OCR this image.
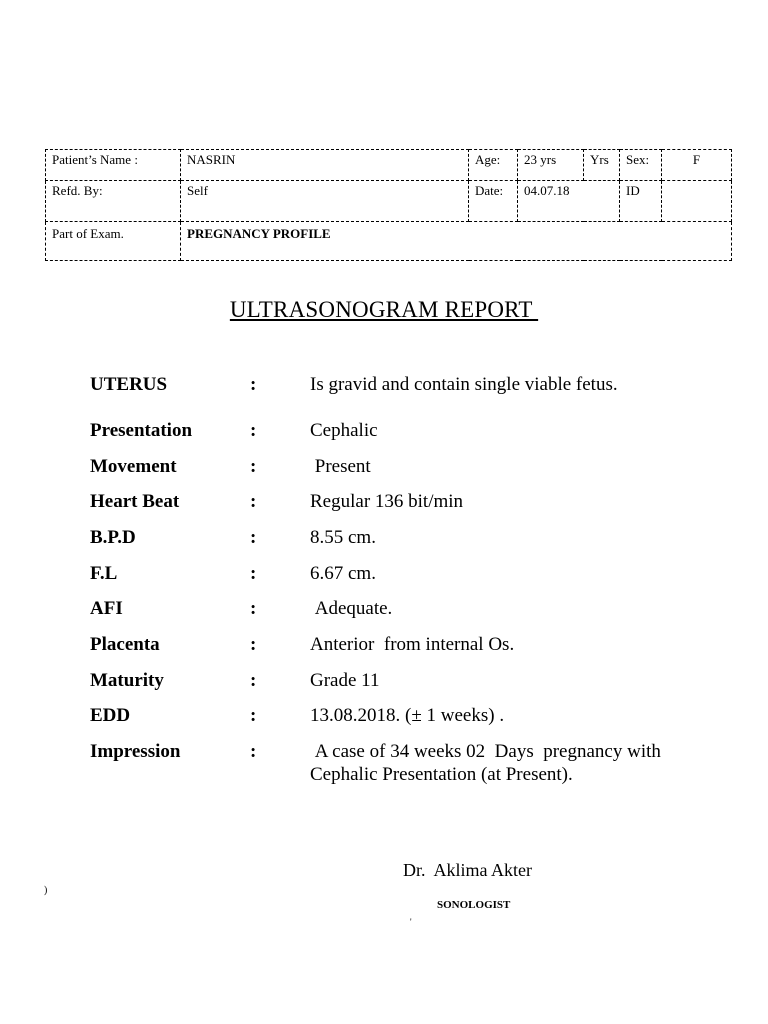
Patient’s Name :	NASRIN	Age:	23 yrs	Yrs	Sex:	F
Refd. By:	Self	Date:	04.07.18		ID	
Part of Exam.	PREGNANCY PROFILE					
ULTRASONOGRAM REPORT
UTERUS	:	Is gravid and contain single viable fetus.
Presentation	:	Cephalic
Movement	:	Present
Heart Beat	:	Regular 136 bit/min
B.P.D	:	8.55 cm.
F.L	:	6.67 cm.
AFI	:	Adequate.
Placenta	:	Anterior  from internal Os.
Maturity	:	Grade 11
EDD	:	13.08.2018. (± 1 weeks) .
Impression	:	A case of 34 weeks 02  Days  pregnancy with Cephalic Presentation (at Present).
Dr.  Aklima Akter
SONOLOGIST
)
'
